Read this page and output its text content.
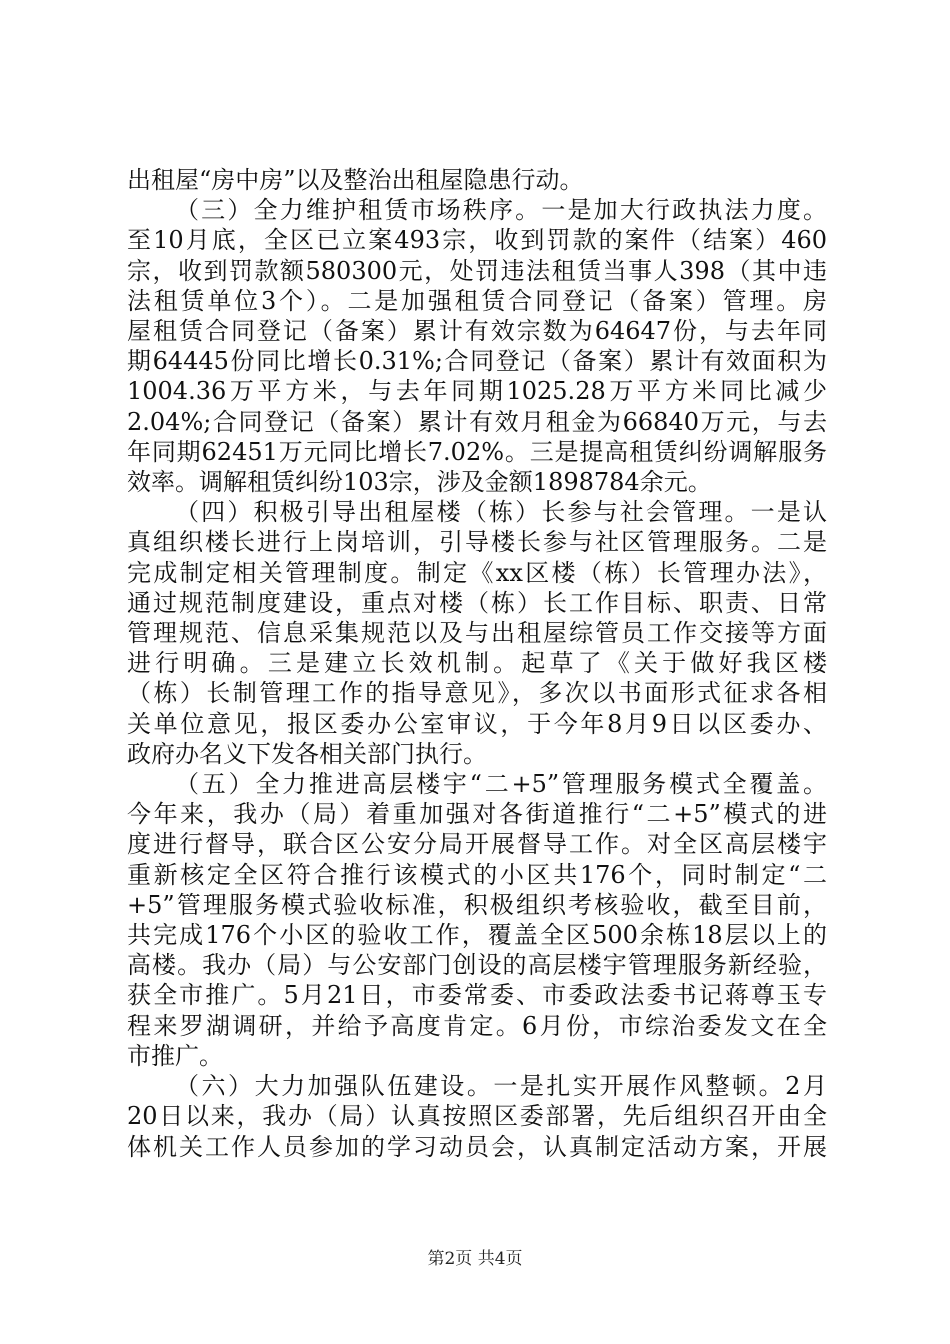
出租屋“房中房”以及整治出租屋隐患行动。
（三）全力维护租赁市场秩序。一是加大行政执法力度。
至10月底，全区已立案493宗，收到罚款的案件（结案）460
宗，收到罚款额580300元，处罚违法租赁当事人398（其中违
法租赁单位3个）。二是加强租赁合同登记（备案）管理。房
屋租赁合同登记（备案）累计有效宗数为64647份，与去年同
期64445份同比增长0.31%;合同登记（备案）累计有效面积为
1004.36万平方米，与去年同期1025.28万平方米同比减少
2.04%;合同登记（备案）累计有效月租金为66840万元，与去
年同期62451万元同比增长7.02%。三是提高租赁纠纷调解服务
效率。调解租赁纠纷103宗，涉及金额1898784余元。
（四）积极引导出租屋楼（栋）长参与社会管理。一是认
真组织楼长进行上岗培训，引导楼长参与社区管理服务。二是
完成制定相关管理制度。制定《xx区楼（栋）长管理办法》，
通过规范制度建设，重点对楼（栋）长工作目标、职责、日常
管理规范、信息采集规范以及与出租屋综管员工作交接等方面
进行明确。三是建立长效机制。起草了《关于做好我区楼
（栋）长制管理工作的指导意见》，多次以书面形式征求各相
关单位意见，报区委办公室审议，于今年8月9日以区委办、
政府办名义下发各相关部门执行。
（五）全力推进高层楼宇“二+5”管理服务模式全覆盖。
今年来，我办（局）着重加强对各街道推行“二+5”模式的进
度进行督导，联合区公安分局开展督导工作。对全区高层楼宇
重新核定全区符合推行该模式的小区共176个，同时制定“二
+5”管理服务模式验收标准，积极组织考核验收，截至目前，
共完成176个小区的验收工作，覆盖全区500余栋18层以上的
高楼。我办（局）与公安部门创设的高层楼宇管理服务新经验，
获全市推广。5月21日，市委常委、市委政法委书记蒋尊玉专
程来罗湖调研，并给予高度肯定。6月份，市综治委发文在全
市推广。
（六）大力加强队伍建设。一是扎实开展作风整顿。2月
20日以来，我办（局）认真按照区委部署，先后组织召开由全
体机关工作人员参加的学习动员会，认真制定活动方案，开展
第2页 共4页
